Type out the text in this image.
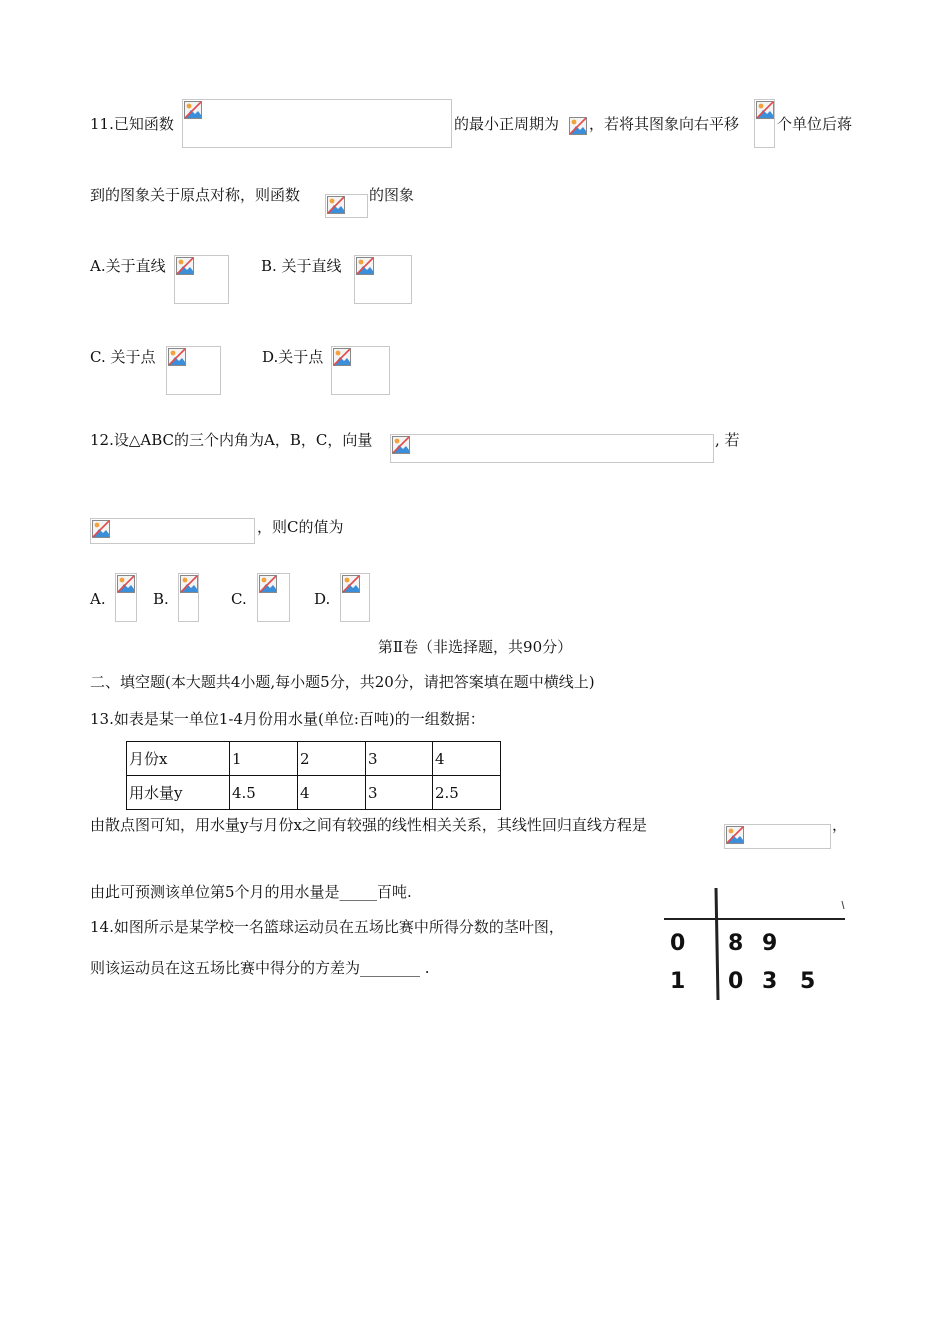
11.已知函数	的最小正周期为 ，若将其图象向右平移	个单位后蒋
到的图象关于原点对称，则函数	的图象
A.关于直线	B. 关于直线
C. 关于点	D.关于点
12.设△ABC的三个内角为A，B，C，向量	, 若
，则C的值为
A.	B.	C.	D.
第Ⅱ卷（非选择题，共90分）
二、填空题(本大题共4小题,每小题5分，共20分，请把答案填在题中横线上)
13.如表是某一单位1-4月份用水量(单位:百吨)的一组数据：
月份x	1	2	3	4
用水量y	4.5	4	3	2.5
由散点图可知，用水量y与月份x之间有较强的线性相关关系，其线性回归直线方程是	，
由此可预测该单位第5个月的用水量是_____百吨.
14.如图所示是某学校一名篮球运动员在五场比赛中所得分数的茎叶图，
则该运动员在这五场比赛中得分的方差为________ .
0 8 9
1 0 3 5
